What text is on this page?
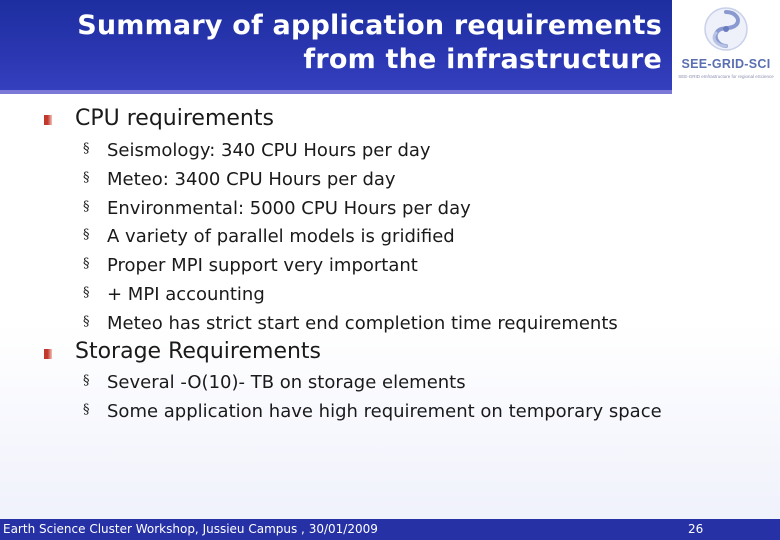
Summary of application requirements
from the infrastructure	SEE-GRID-SCI
SEE-GRID eInfrastructure for regional eScience
CPU requirements
§ Seismology: 340 CPU Hours per day
§ Meteo: 3400 CPU Hours per day
§ Environmental: 5000 CPU Hours per day
§ A variety of parallel models is gridified
§ Proper MPI support very important
§ + MPI accounting
§ Meteo has strict start end completion time requirements
Storage Requirements
§ Several -O(10)- TB on storage elements
§ Some application have high requirement on temporary space
Earth Science Cluster Workshop, Jussieu Campus , 30/01/2009	26
